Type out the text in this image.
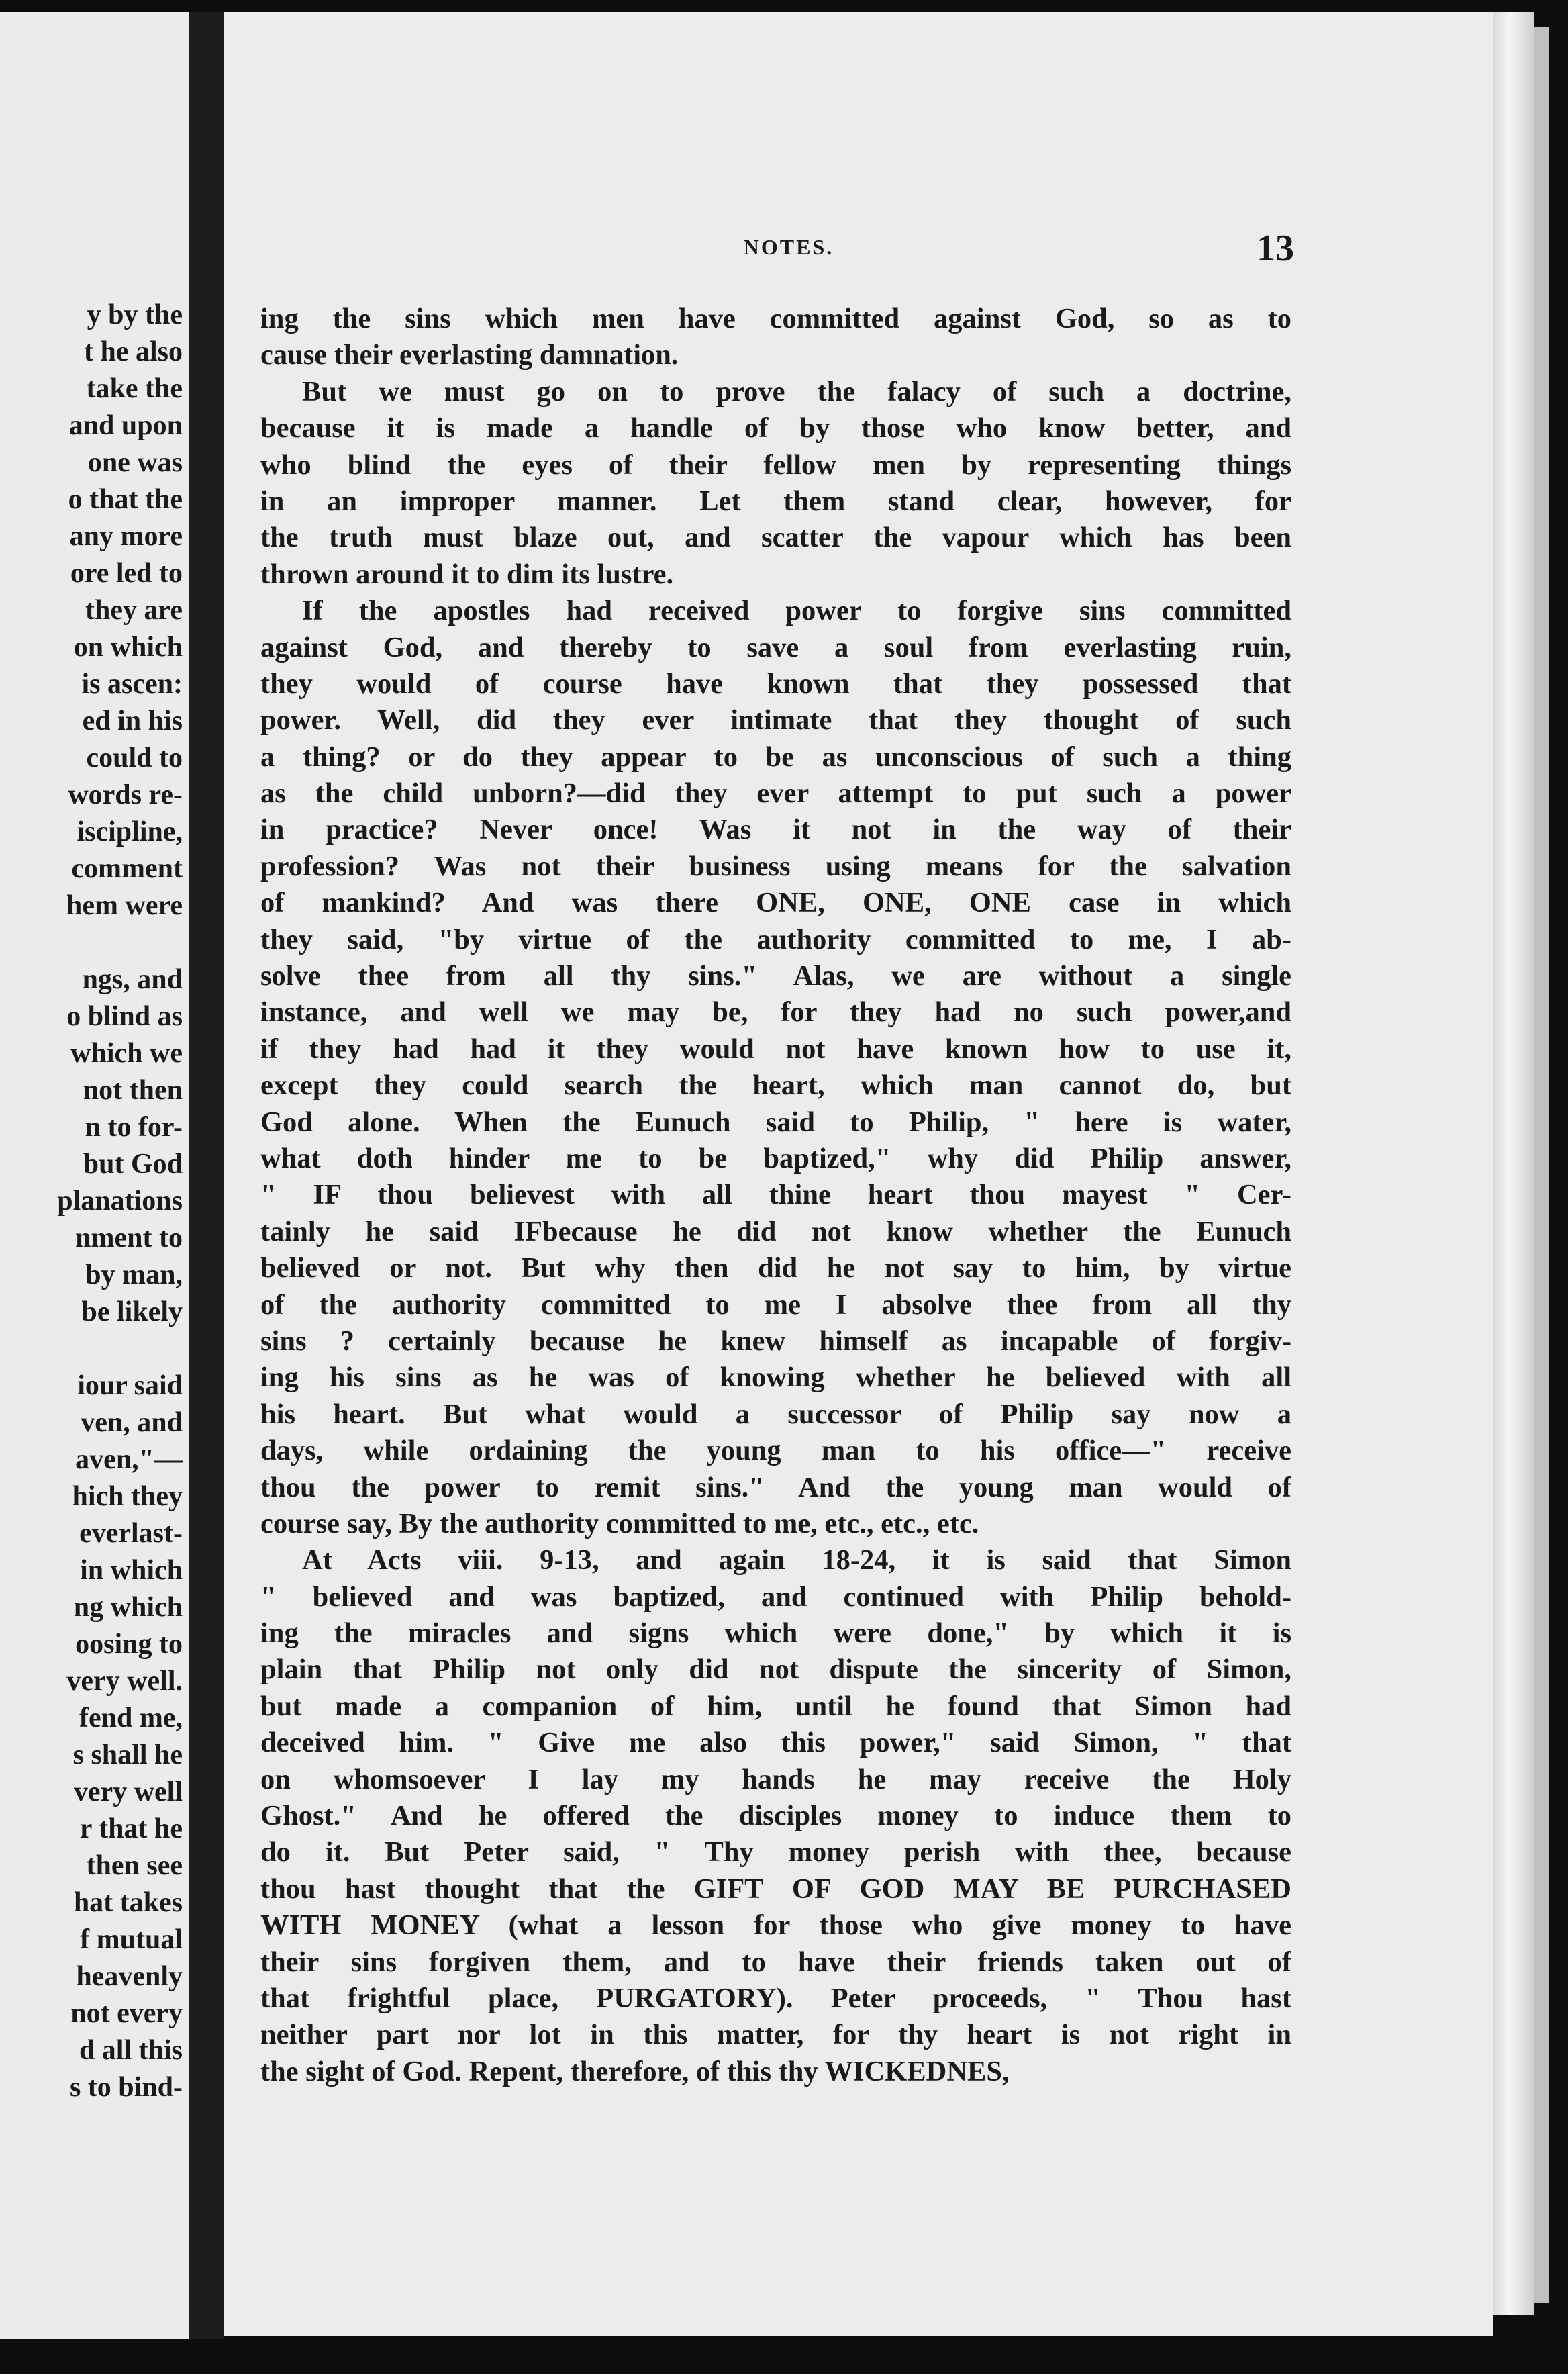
y by the
t he also
take the
and upon
one was
o that the
any more
ore led to
they are
on which
is ascen:
ed in his
could to
words re-
iscipline,
comment
hem were
ngs, and
o blind as
which we
not then
n to for-
but God
planations
nment to
by man,
be likely
iour said
ven, and
aven,"—
hich they
everlast-
in which
ng which
oosing to
very well.
fend me,
s shall he
very well
r that he
then see
hat takes
f mutual
heavenly
not every
d all this
s to bind-
NOTES.	13
ing the sins which men have committed against God, so as to
cause their everlasting damnation.
But we must go on to prove the falacy of such a doctrine,
because it is made a handle of by those who know better, and
who blind the eyes of their fellow men by representing things
in an improper manner. Let them stand clear, however, for
the truth must blaze out, and scatter the vapour which has been
thrown around it to dim its lustre.
If the apostles had received power to forgive sins committed
against God, and thereby to save a soul from everlasting ruin,
they would of course have known that they possessed that
power. Well, did they ever intimate that they thought of such
a thing? or do they appear to be as unconscious of such a thing
as the child unborn?—did they ever attempt to put such a power
in practice? Never once! Was it not in the way of their
profession? Was not their business using means for the salvation
of mankind? And was there ONE, ONE, ONE case in which
they said, "by virtue of the authority committed to me, I ab-
solve thee from all thy sins." Alas, we are without a single
instance, and well we may be, for they had no such power,and
if they had had it they would not have known how to use it,
except they could search the heart, which man cannot do, but
God alone. When the Eunuch said to Philip, " here is water,
what doth hinder me to be baptized," why did Philip answer,
" IF thou believest with all thine heart thou mayest " Cer-
tainly he said IFbecause he did not know whether the Eunuch
believed or not. But why then did he not say to him, by virtue
of the authority committed to me I absolve thee from all thy
sins ? certainly because he knew himself as incapable of forgiv-
ing his sins as he was of knowing whether he believed with all
his heart. But what would a successor of Philip say now a
days, while ordaining the young man to his office—" receive
thou the power to remit sins." And the young man would of
course say, By the authority committed to me, etc., etc., etc.
At Acts viii. 9-13, and again 18-24, it is said that Simon
" believed and was baptized, and continued with Philip behold-
ing the miracles and signs which were done," by which it is
plain that Philip not only did not dispute the sincerity of Simon,
but made a companion of him, until he found that Simon had
deceived him. " Give me also this power," said Simon, " that
on whomsoever I lay my hands he may receive the Holy
Ghost." And he offered the disciples money to induce them to
do it. But Peter said, " Thy money perish with thee, because
thou hast thought that the GIFT OF GOD MAY BE PURCHASED
WITH MONEY (what a lesson for those who give money to have
their sins forgiven them, and to have their friends taken out of
that frightful place, PURGATORY). Peter proceeds, " Thou hast
neither part nor lot in this matter, for thy heart is not right in
the sight of God. Repent, therefore, of this thy WICKEDNES,
